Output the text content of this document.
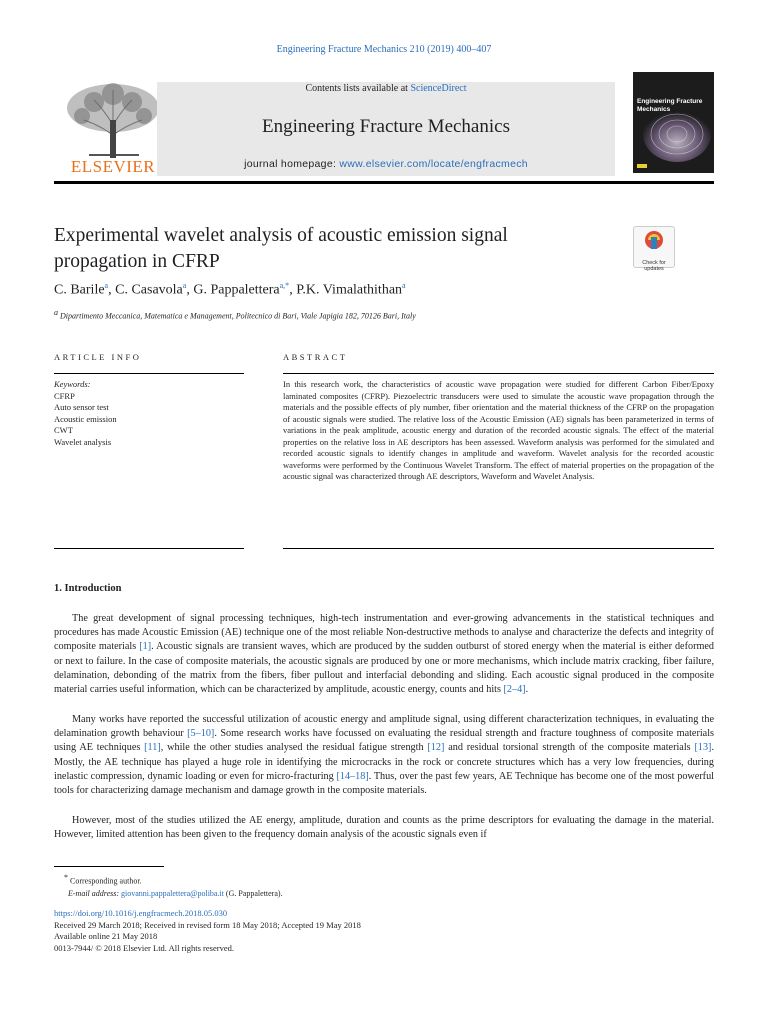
Engineering Fracture Mechanics 210 (2019) 400–407
ELSEVIER
Contents lists available at ScienceDirect
Engineering Fracture Mechanics
journal homepage: www.elsevier.com/locate/engfracmech
Engineering Fracture Mechanics
Experimental wavelet analysis of acoustic emission signal propagation in CFRP	Check for updates
C. Barile$^a$, C. Casavola$^a$, G. Pappalettera$^{a,*}$, P.K. Vimalathithan$^a$
$^a$ Dipartimento Meccanica, Matematica e Management, Politecnico di Bari, Viale Japigia 182, 70126 Bari, Italy
ARTICLE INFO	ABSTRACT
Keywords:
CFRP
Auto sensor test
Acoustic emission
CWT
Wavelet analysis
In this research work, the characteristics of acoustic wave propagation were studied for different Carbon Fiber/Epoxy laminated composites (CFRP). Piezoelectric transducers were used to simulate the acoustic wave propagation through the materials and the possible effects of ply number, fiber orientation and the material thickness of the CFRP on the propagation of acoustic signals were studied. The relative loss of the Acoustic Emission (AE) signals has been parameterized in terms of variations in the peak amplitude, acoustic energy and duration of the recorded acoustic signals. The effect of the material properties on the relative loss in AE descriptors has been assessed. Waveform analysis was performed for the simulated and recorded acoustic signals to identify changes in amplitude and waveform. Wavelet analysis for the recorded acoustic waveforms were performed by the Continuous Wavelet Transform. The effect of material properties on the propagation of the acoustic signal was characterized through AE descriptors, Waveform and Wavelet Analysis.
1. Introduction
The great development of signal processing techniques, high-tech instrumentation and ever-growing advancements in the statistical techniques and procedures has made Acoustic Emission (AE) technique one of the most reliable Non-destructive methods to analyse and characterize the defects and integrity of composite materials [1]. Acoustic signals are transient waves, which are produced by the sudden outburst of stored energy when the material is either deformed or next to failure. In the case of composite materials, the acoustic signals are produced by one or more mechanisms, which include matrix cracking, fiber failure, delamination, debonding of the matrix from the fibers, fiber pullout and interfacial debonding and sliding. Each acoustic signal produced in the composite material carries useful information, which can be characterized by amplitude, acoustic energy, counts and hits [2–4].
Many works have reported the successful utilization of acoustic energy and amplitude signal, using different characterization techniques, in evaluating the delamination growth behaviour [5–10]. Some research works have focussed on evaluating the residual strength and fracture toughness of composite materials using AE techniques [11], while the other studies analysed the residual fatigue strength [12] and residual torsional strength of the composite materials [13]. Mostly, the AE technique has played a huge role in identifying the microcracks in the rock or concrete structures which has a very low frequencies, during inelastic compression, dynamic loading or even for micro-fracturing [14–18]. Thus, over the past few years, AE Technique has become one of the most powerful tools for characterizing damage mechanism and damage growth in the composite materials.
However, most of the studies utilized the AE energy, amplitude, duration and counts as the prime descriptors for evaluating the damage in the material. However, limited attention has been given to the frequency domain analysis of the acoustic signals even if
* Corresponding author.
E-mail address: giovanni.pappalettera@poliba.it (G. Pappalettera).
https://doi.org/10.1016/j.engfracmech.2018.05.030
Received 29 March 2018; Received in revised form 18 May 2018; Accepted 19 May 2018
Available online 21 May 2018
0013-7944/ © 2018 Elsevier Ltd. All rights reserved.
